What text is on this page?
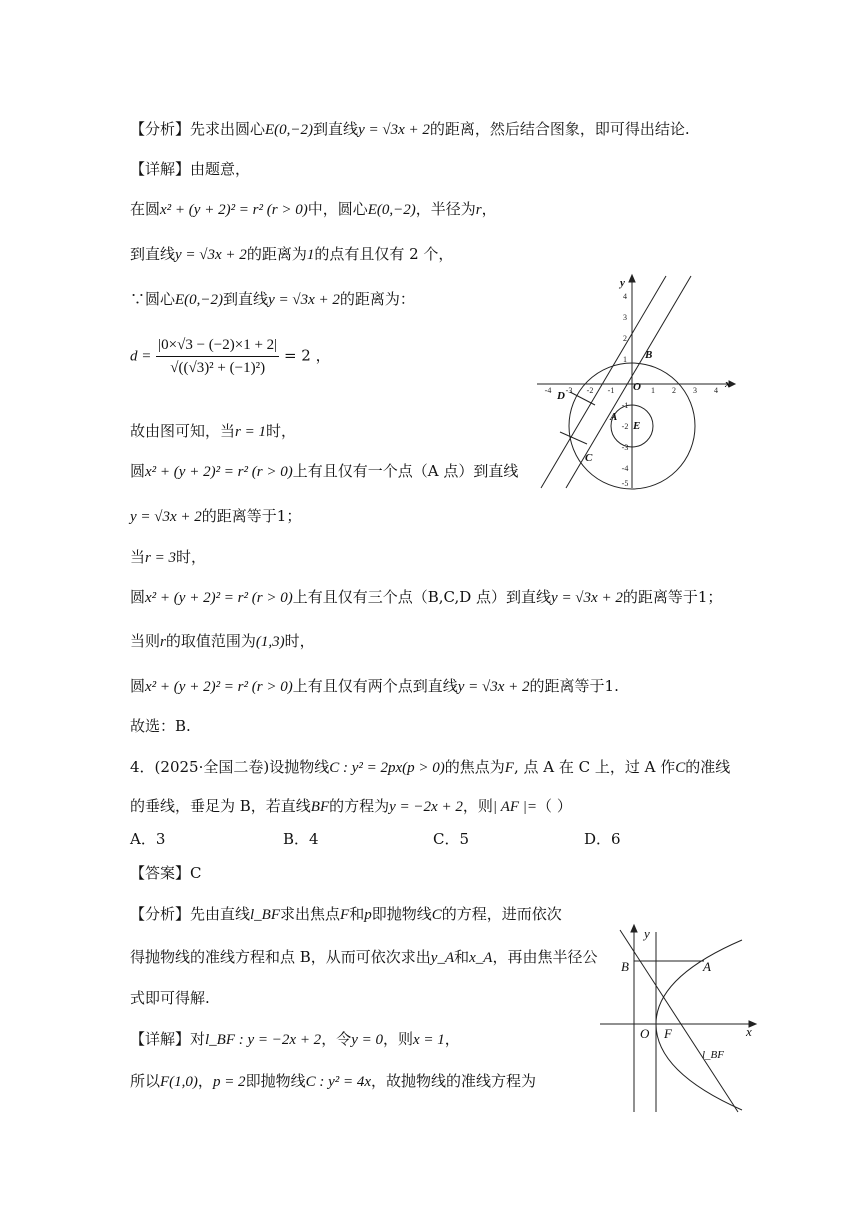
【分析】先求出圆心E(0,−2)到直线y = √3x + 2的距离，然后结合图象，即可得出结论.
【详解】由题意，
在圆x² + (y + 2)² = r² (r > 0)中，圆心E(0,−2)，半径为r，
到直线y = √3x + 2的距离为1的点有且仅有 2 个，
∵圆心E(0,−2)到直线y = √3x + 2的距离为：
$d = \frac{|0\times√3 - (-2)\times 1 + 2|}{\text{√((√3)² + (−1)²)}} = 2$ ，
故由图可知，当r = 1时，
圆x² + (y + 2)² = r² (r > 0)上有且仅有一个点（A 点）到直线
y = √3x + 2的距离等于1；
当r = 3时，
圆x² + (y + 2)² = r² (r > 0)上有且仅有三个点（B,C,D 点）到直线y = √3x + 2的距离等于1；
当则r的取值范围为(1,3)时，
圆x² + (y + 2)² = r² (r > 0)上有且仅有两个点到直线y = √3x + 2的距离等于1.
故选：B.
4．(2025·全国二卷)设抛物线C : y² = 2px(p > 0)的焦点为F, 点 A 在 C 上，过 A 作C的准线
的垂线，垂足为 B，若直线BF的方程为y = −2x + 2，则| AF |=（ ）
A．3	B．4	C．5	D．6
【答案】C
【分析】先由直线l_BF求出焦点F和p即抛物线C的方程，进而依次
得抛物线的准线方程和点 B，从而可依次求出y_A和x_A，再由焦半径公
式即可得解.
【详解】对l_BF : y = −2x + 2，令y = 0，则x = 1，
所以F(1,0)，p = 2即抛物线C : y² = 4x，故抛物线的准线方程为
-4 -3 -2 -1	1 2 3 4
4
3
2
1
-1
-2
-3
-4
-5
x
y
O
A
B
C
D
E
x
y
O F
B	A
l_BF
